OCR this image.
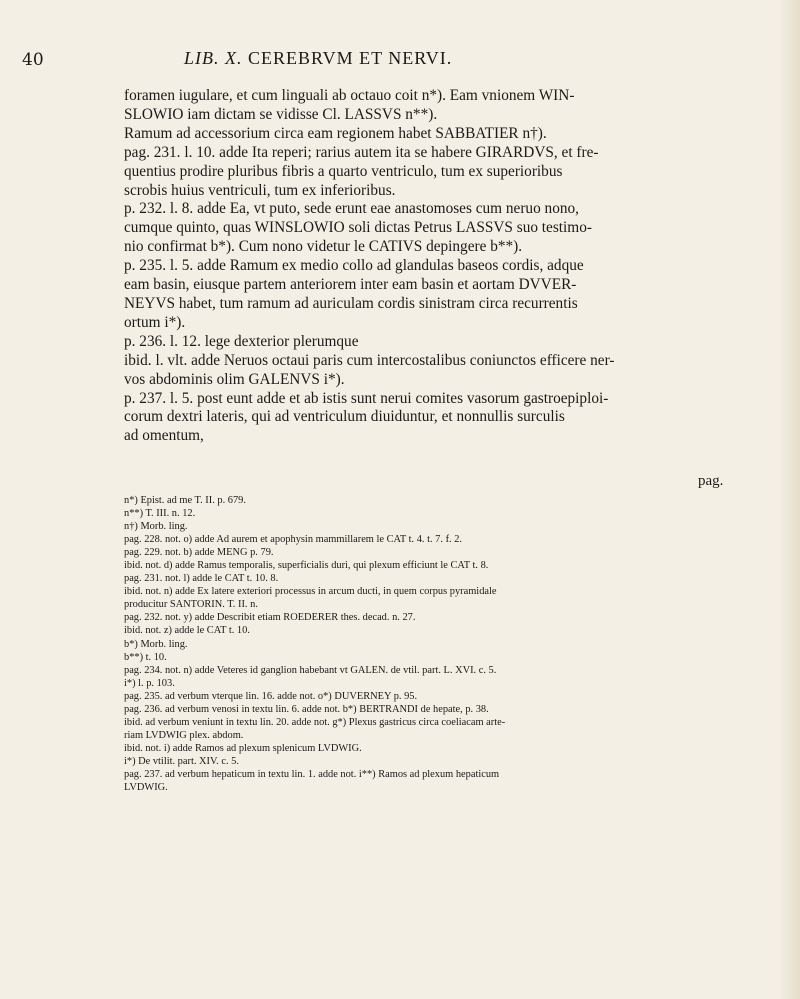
40	LIB. X. CEREBRVM ET NERVI.
foramen iugulare, et cum linguali ab octauo coit n*). Eam vnionem WIN-
SLOWIO iam dictam se vidisse Cl. LASSVS n**).
Ramum ad accessorium circa eam regionem habet SABBATIER n†).
pag. 231. l. 10. adde Ita reperi; rarius autem ita se habere GIRARDVS, et fre-
quentius prodire pluribus fibris a quarto ventriculo, tum ex superioribus
scrobis huius ventriculi, tum ex inferioribus.
p. 232. l. 8. adde Ea, vt puto, sede erunt eae anastomoses cum neruo nono,
cumque quinto, quas WINSLOWIO soli dictas Petrus LASSVS suo testimo-
nio confirmat b*). Cum nono videtur le CATIVS depingere b**).
p. 235. l. 5. adde Ramum ex medio collo ad glandulas baseos cordis, adque
eam basin, eiusque partem anteriorem inter eam basin et aortam DVVER-
NEYVS habet, tum ramum ad auriculam cordis sinistram circa recurrentis
ortum i*).
p. 236. l. 12. lege dexterior plerumque
ibid. l. vlt. adde Neruos octaui paris cum intercostalibus coniunctos efficere ner-
vos abdominis olim GALENVS i*).
p. 237. l. 5. post eunt adde et ab istis sunt nerui comites vasorum gastroepiploi-
corum dextri lateris, qui ad ventriculum diuiduntur, et nonnullis surculis
ad omentum,
pag.
n*) Epist. ad me T. II. p. 679.
n**) T. III. n. 12.
n†) Morb. ling.
pag. 228. not. o) adde Ad aurem et apophysin mammillarem le CAT t. 4. t. 7. f. 2.
pag. 229. not. b) adde MENG p. 79.
ibid. not. d) adde Ramus temporalis, superficialis duri, qui plexum efficiunt le CAT t. 8.
pag. 231. not. l) adde le CAT t. 10. 8.
ibid. not. n) adde Ex latere exteriori processus in arcum ducti, in quem corpus pyramidale
producitur SANTORIN. T. II. n.
pag. 232. not. y) adde Describit etiam ROEDERER thes. decad. n. 27.
ibid. not. z) adde le CAT t. 10.
b*) Morb. ling.
b**) t. 10.
pag. 234. not. n) adde Veteres id ganglion habebant vt GALEN. de vtil. part. L. XVI. c. 5.
i*) l. p. 103.
pag. 235. ad verbum vterque lin. 16. adde not. o*) DUVERNEY p. 95.
pag. 236. ad verbum venosi in textu lin. 6. adde not. b*) BERTRANDI de hepate, p. 38.
ibid. ad verbum veniunt in textu lin. 20. adde not. g*) Plexus gastricus circa coeliacam arte-
riam LVDWIG plex. abdom.
ibid. not. i) adde Ramos ad plexum splenicum LVDWIG.
i*) De vtilit. part. XIV. c. 5.
pag. 237. ad verbum hepaticum in textu lin. 1. adde not. i**) Ramos ad plexum hepaticum
LVDWIG.
